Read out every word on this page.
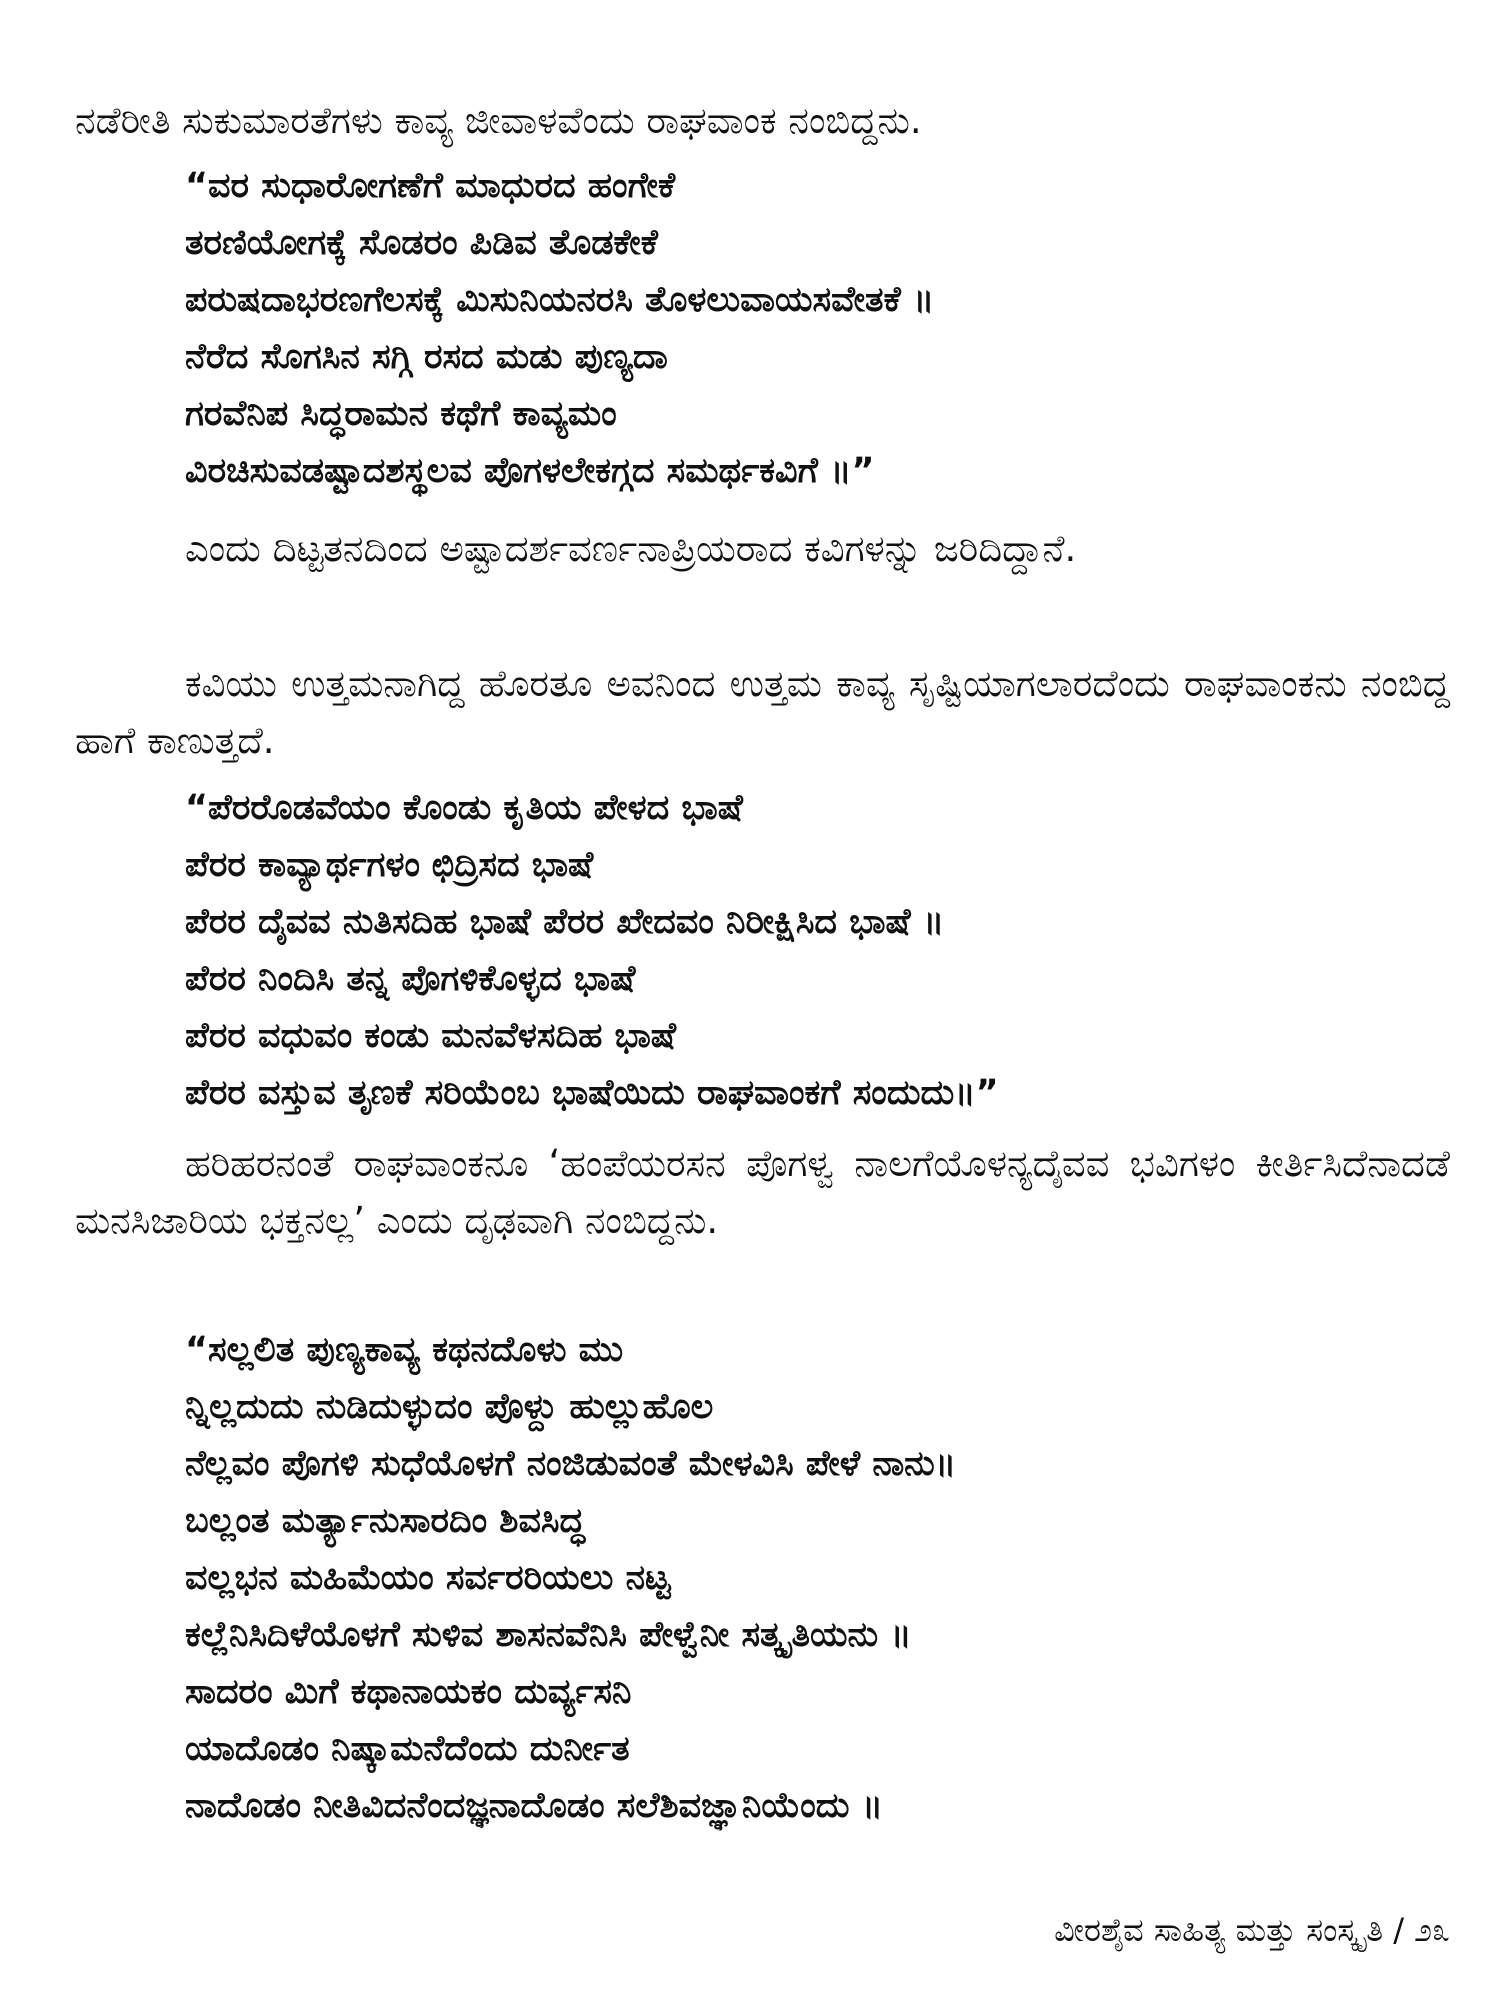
ನಡೆರೀತಿ ಸುಕುಮಾರತೆಗಳು ಕಾವ್ಯ ಜೀವಾಳವೆಂದು ರಾಘವಾಂಕ ನಂಬಿದ್ದನು.

“ವರ ಸುಧಾರೋಗಣೆಗೆ ಮಾಧುರದ ಹಂಗೇಕೆ
ತರಣಿಯೋಗಕ್ಕೆ ಸೊಡರಂ ಪಿಡಿವ ತೊಡಕೇಕೆ
ಪರುಷದಾಭರಣಗೆಲಸಕ್ಕೆ ಮಿಸುನಿಯನರಸಿ ತೊಳಲುವಾಯಸವೇತಕೆ ॥
ನೆರೆದ ಸೊಗಸಿನ ಸಗ್ಗಿ ರಸದ ಮಡು ಪುಣ್ಯದಾ
ಗರವೆನಿಪ ಸಿದ್ಧರಾಮನ ಕಥೆಗೆ ಕಾವ್ಯಮಂ
ವಿರಚಿಸುವಡಷ್ಟಾದಶಸ್ಥಲವ ಪೊಗಳಲೇಕಗ್ಗದ ಸಮರ್ಥಕವಿಗೆ ॥”

ಎಂದು ದಿಟ್ಟತನದಿಂದ ಅಷ್ಟಾದರ್ಶವರ್ಣನಾಪ್ರಿಯರಾದ ಕವಿಗಳನ್ನು ಜರಿದಿದ್ದಾನೆ.

ಕವಿಯು ಉತ್ತಮನಾಗಿದ್ದ ಹೊರತೂ ಅವನಿಂದ ಉತ್ತಮ ಕಾವ್ಯ ಸೃಷ್ಟಿಯಾಗಲಾರದೆಂದು ರಾಘವಾಂಕನು ನಂಬಿದ್ದ ಹಾಗೆ ಕಾಣುತ್ತದೆ.

“ಪೆರರೊಡವೆಯಂ ಕೊಂಡು ಕೃತಿಯ ಪೇಳದ ಭಾಷೆ
ಪೆರರ ಕಾವ್ಯಾರ್ಥಗಳಂ ಛಿದ್ರಿಸದ ಭಾಷೆ
ಪೆರರ ದೈವವ ನುತಿಸದಿಹ ಭಾಷೆ ಪೆರರ ಖೇದವಂ ನಿರೀಕ್ಷಿಸಿದ ಭಾಷೆ ॥
ಪೆರರ ನಿಂದಿಸಿ ತನ್ನ ಪೊಗಳಿಕೊಳ್ಳದ ಭಾಷೆ
ಪೆರರ ವಧುವಂ ಕಂಡು ಮನವೆಳಸದಿಹ ಭಾಷೆ
ಪೆರರ ವಸ್ತುವ ತೃಣಕೆ ಸರಿಯೆಂಬ ಭಾಷೆಯಿದು ರಾಘವಾಂಕಗೆ ಸಂದುದು॥”

ಹರಿಹರನಂತೆ ರಾಘವಾಂಕನೂ ‘ಹಂಪೆಯರಸನ ಪೊಗಳ್ವ ನಾಲಗೆಯೊಳನ್ಯದೈವವ ಭವಿಗಳಂ ಕೀರ್ತಿಸಿದೆನಾದಡೆ ಮನಸಿಜಾರಿಯ ಭಕ್ತನಲ್ಲ’ ಎಂದು ದೃಢವಾಗಿ ನಂಬಿದ್ದನು.

“ಸಲ್ಲಲಿತ ಪುಣ್ಯಕಾವ್ಯ ಕಥನದೊಳು ಮು
ನ್ನಿಲ್ಲದುದು ನುಡಿದುಳ್ಳುದಂ ಪೊಳ್ದು ಹುಲ್ಲುಹೊಲ
ನೆಲ್ಲವಂ ಪೊಗಳಿ ಸುಧೆಯೊಳಗೆ ನಂಜಿಡುವಂತೆ ಮೇಳವಿಸಿ ಪೇಳೆ ನಾನು॥
ಬಲ್ಲಂತ ಮರ್ತ್ಯಾನುಸಾರದಿಂ ಶಿವಸಿದ್ಧ
ವಲ್ಲಭನ ಮಹಿಮೆಯಂ ಸರ್ವರರಿಯಲು ನಟ್ಟ
ಕಲ್ಲೆನಿಸಿದಿಳೆಯೊಳಗೆ ಸುಳಿವ ಶಾಸನವೆನಿಸಿ ಪೇಳ್ವೆನೀ ಸತ್ಕೃತಿಯನು ॥
ಸಾದರಂ ಮಿಗೆ ಕಥಾನಾಯಕಂ ದುರ್ವ್ಯಸನಿ
ಯಾದೊಡಂ ನಿಷ್ಕಾಮನೆದೆಂದು ದುರ್ನೀತ
ನಾದೊಡಂ ನೀತಿವಿದನೆಂದಜ್ಞನಾದೊಡಂ ಸಲೆಶಿವಜ್ಞಾನಿಯೆಂದು ॥
ವೀರಶೈವ ಸಾಹಿತ್ಯ ಮತ್ತು ಸಂಸ್ಕೃತಿ / ೨೩
